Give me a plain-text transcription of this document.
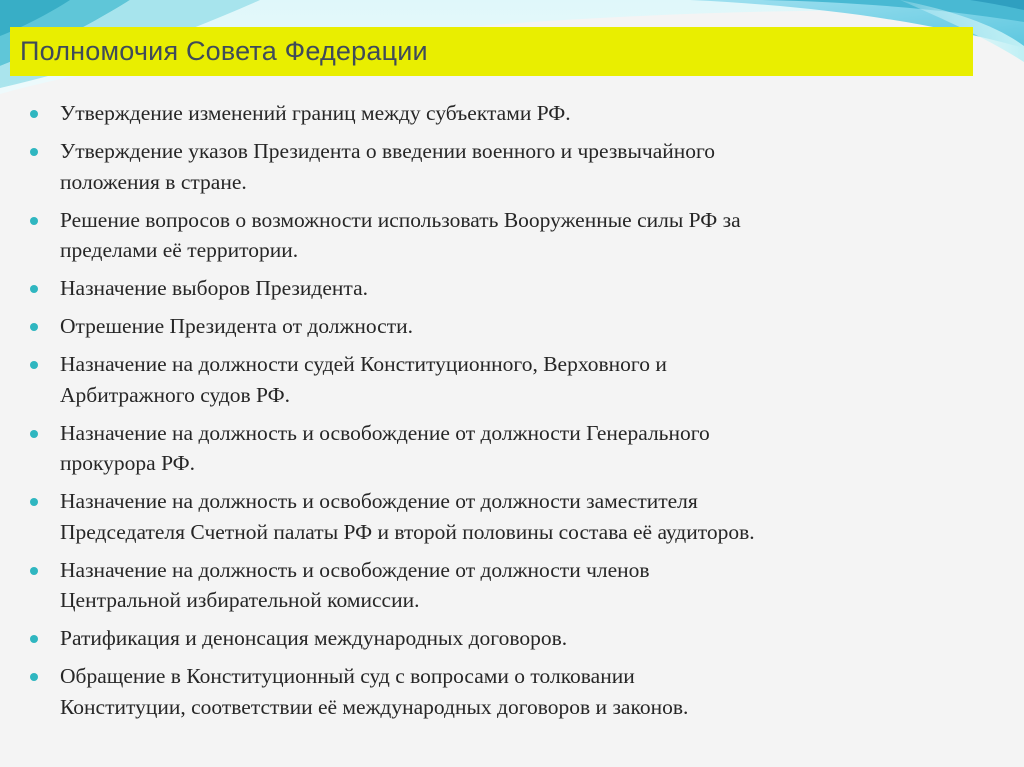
Полномочия Совета Федерации
Утверждение изменений границ между субъектами РФ.
Утверждение указов Президента о введении военного и чрезвычайного
положения в стране.
Решение вопросов о возможности использовать Вооруженные силы РФ за
пределами её территории.
Назначение выборов Президента.
Отрешение Президента от должности.
Назначение на должности судей Конституционного, Верховного и
Арбитражного судов РФ.
Назначение на должность и освобождение от должности Генерального
прокурора РФ.
Назначение на должность и освобождение от должности заместителя
Председателя Счетной палаты РФ и второй половины состава её аудиторов.
Назначение на должность и освобождение от должности членов
Центральной избирательной комиссии.
Ратификация и денонсация международных договоров.
Обращение в Конституционный суд с вопросами о толковании
Конституции, соответствии её международных договоров и законов.
